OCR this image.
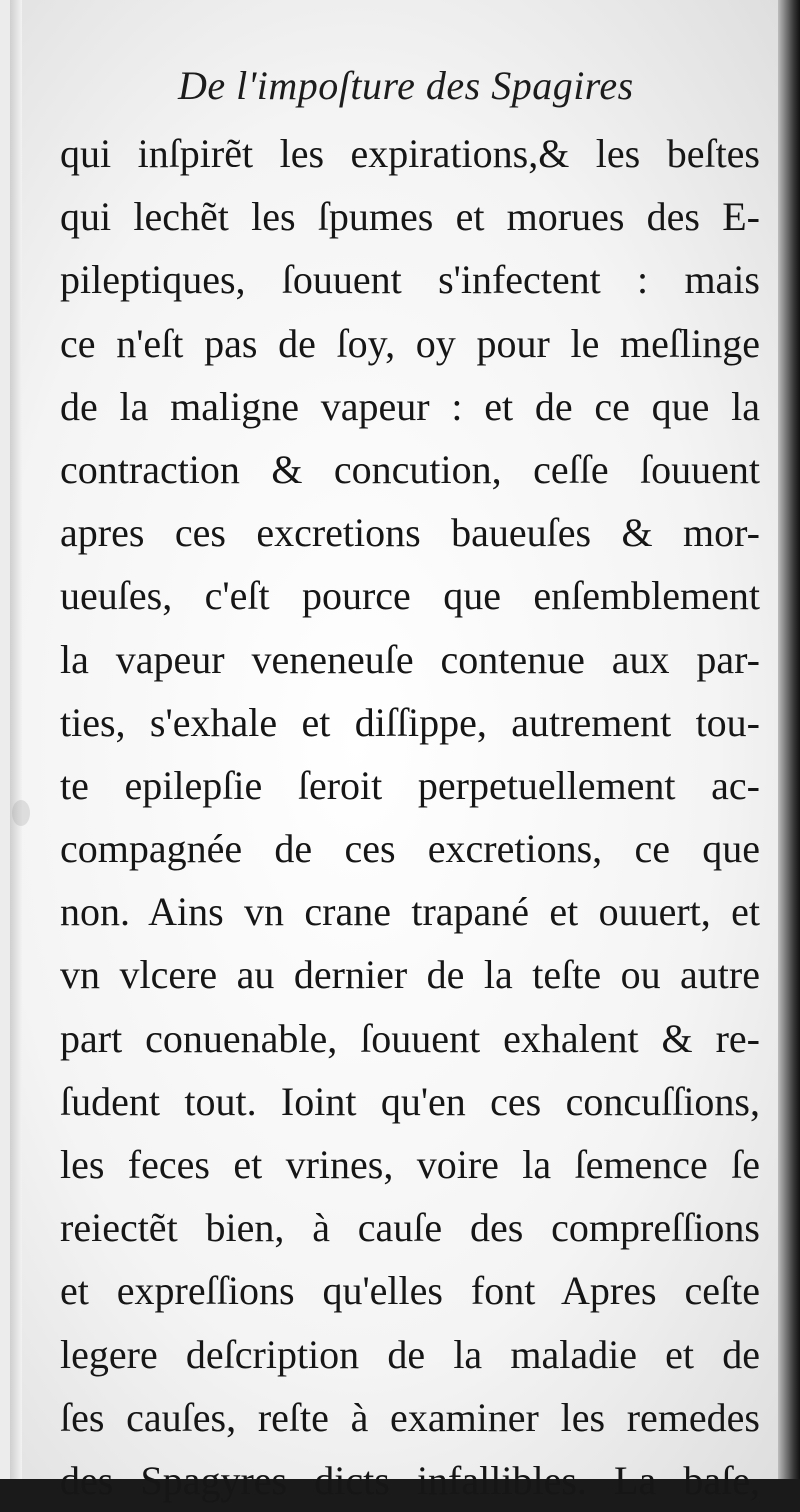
De l'impoſture des Spagires
qui inſpirẽt les expirations,& les beſtes
qui lechẽt les ſpumes et morues des E-
pileptiques, ſouuent s'infectent : mais
ce n'eſt pas de ſoy, oy pour le meſlinge
de la maligne vapeur : et de ce que la
contraction & concution, ceſſe ſouuent
apres ces excretions baueuſes & mor-
ueuſes, c'eſt pource que enſemblement
la vapeur veneneuſe contenue aux par-
ties, s'exhale et diſſippe, autrement tou-
te epilepſie ſeroit perpetuellement ac-
compagnée de ces excretions, ce que
non. Ains vn crane trapané et ouuert, et
vn vlcere au dernier de la teſte ou autre
part conuenable, ſouuent exhalent & re-
ſudent tout. Ioint qu'en ces concuſſions,
les feces et vrines, voire la ſemence ſe
reiectẽt bien, à cauſe des compreſſions
et expreſſions qu'elles font Apres ceſte
legere deſcription de la maladie et de
ſes cauſes, reſte à examiner les remedes
des Spagyres dicts infallibles. La baſe,
